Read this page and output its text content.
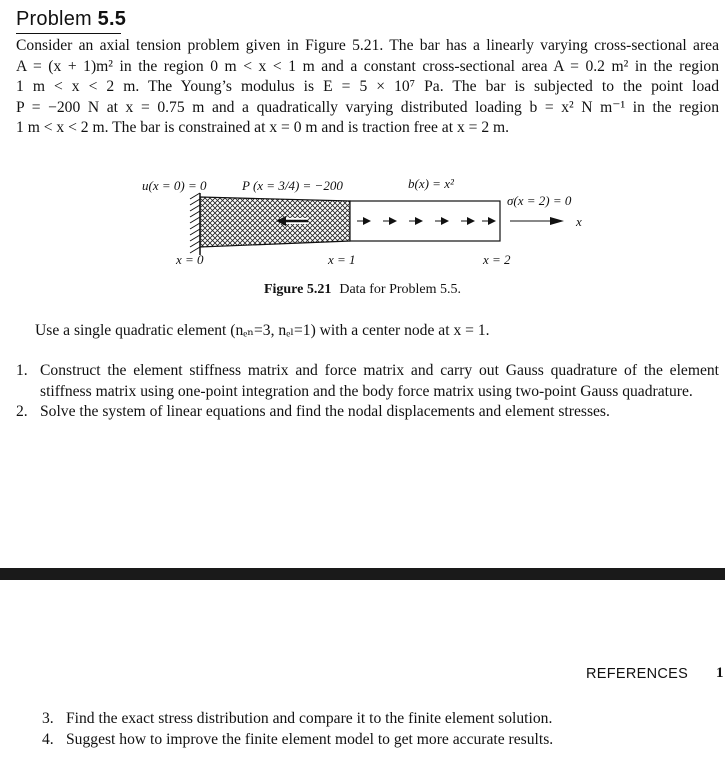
Problem 5.5

Consider an axial tension problem given in Figure 5.21. The bar has a linearly varying cross-sectional area
A = (x + 1)m² in the region 0 m < x < 1 m and a constant cross-sectional area A = 0.2 m² in the region
1 m < x < 2 m. The Young’s modulus is E = 5 × 10⁷ Pa. The bar is subjected to the point load
P = −200 N at x = 0.75 m and a quadratically varying distributed loading b = x² N m⁻¹ in the region
1 m < x < 2 m. The bar is constrained at x = 0 m and is traction free at x = 2 m.

u(x = 0) = 0	P (x = 3/4) = −200	b(x) = x²
σ(x = 2) = 0
x
x = 0	x = 1	x = 2
Figure 5.21 Data for Problem 5.5.
Use a single quadratic element (nₑₙ=3, nₑₗ=1) with a center node at x = 1.
1. Construct the element stiffness matrix and force matrix and carry out Gauss quadrature of the element stiffness matrix using one-point integration and the body force matrix using two-point Gauss quadrature.
2. Solve the system of linear equations and find the nodal displacements and element stresses.
REFERENCES 1
3. Find the exact stress distribution and compare it to the finite element solution.
4. Suggest how to improve the finite element model to get more accurate results.
